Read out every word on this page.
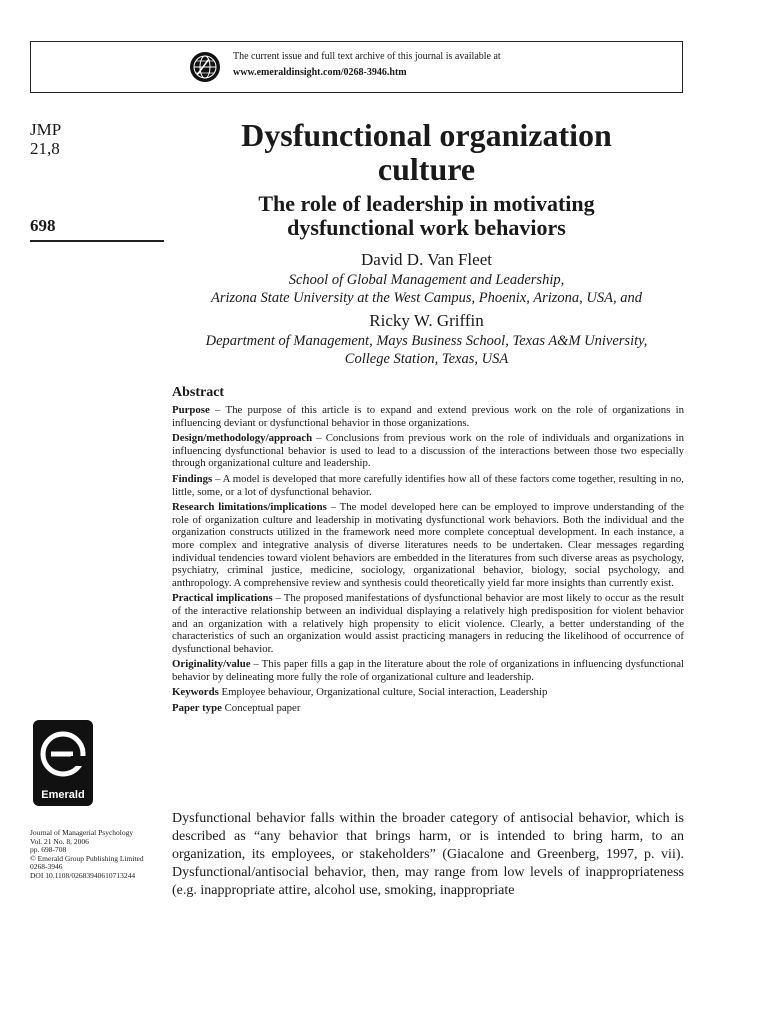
The current issue and full text archive of this journal is available at
www.emeraldinsight.com/0268-3946.htm
JMP
21,8
698
Dysfunctional organization
culture
The role of leadership in motivating
dysfunctional work behaviors
David D. Van Fleet
School of Global Management and Leadership,
Arizona State University at the West Campus, Phoenix, Arizona, USA, and
Ricky W. Griffin
Department of Management, Mays Business School, Texas A&M University,
College Station, Texas, USA
Abstract

Purpose – The purpose of this article is to expand and extend previous work on the role of organizations in influencing deviant or dysfunctional behavior in those organizations.

Design/methodology/approach – Conclusions from previous work on the role of individuals and organizations in influencing dysfunctional behavior is used to lead to a discussion of the interactions between those two especially through organizational culture and leadership.

Findings – A model is developed that more carefully identifies how all of these factors come together, resulting in no, little, some, or a lot of dysfunctional behavior.

Research limitations/implications – The model developed here can be employed to improve understanding of the role of organization culture and leadership in motivating dysfunctional work behaviors. Both the individual and the organization constructs utilized in the framework need more complete conceptual development. In each instance, a more complex and integrative analysis of diverse literatures needs to be undertaken. Clear messages regarding individual tendencies toward violent behaviors are embedded in the literatures from such diverse areas as psychology, psychiatry, criminal justice, medicine, sociology, organizational behavior, biology, social psychology, and anthropology. A comprehensive review and synthesis could theoretically yield far more insights than currently exist.

Practical implications – The proposed manifestations of dysfunctional behavior are most likely to occur as the result of the interactive relationship between an individual displaying a relatively high predisposition for violent behavior and an organization with a relatively high propensity to elicit violence. Clearly, a better understanding of the characteristics of such an organization would assist practicing managers in reducing the likelihood of occurrence of dysfunctional behavior.

Originality/value – This paper fills a gap in the literature about the role of organizations in influencing dysfunctional behavior by delineating more fully the role of organizational culture and leadership.

Keywords Employee behaviour, Organizational culture, Social interaction, Leadership

Paper type Conceptual paper

Dysfunctional behavior falls within the broader category of antisocial behavior, which is described as “any behavior that brings harm, or is intended to bring harm, to an organization, its employees, or stakeholders” (Giacalone and Greenberg, 1997, p. vii). Dysfunctional/antisocial behavior, then, may range from low levels of inappropriateness (e.g. inappropriate attire, alcohol use, smoking, inappropriate

Emerald
Journal of Managerial Psychology
Vol. 21 No. 8, 2006
pp. 698-708
© Emerald Group Publishing Limited
0268-3946
DOI 10.1108/02683940610713244
